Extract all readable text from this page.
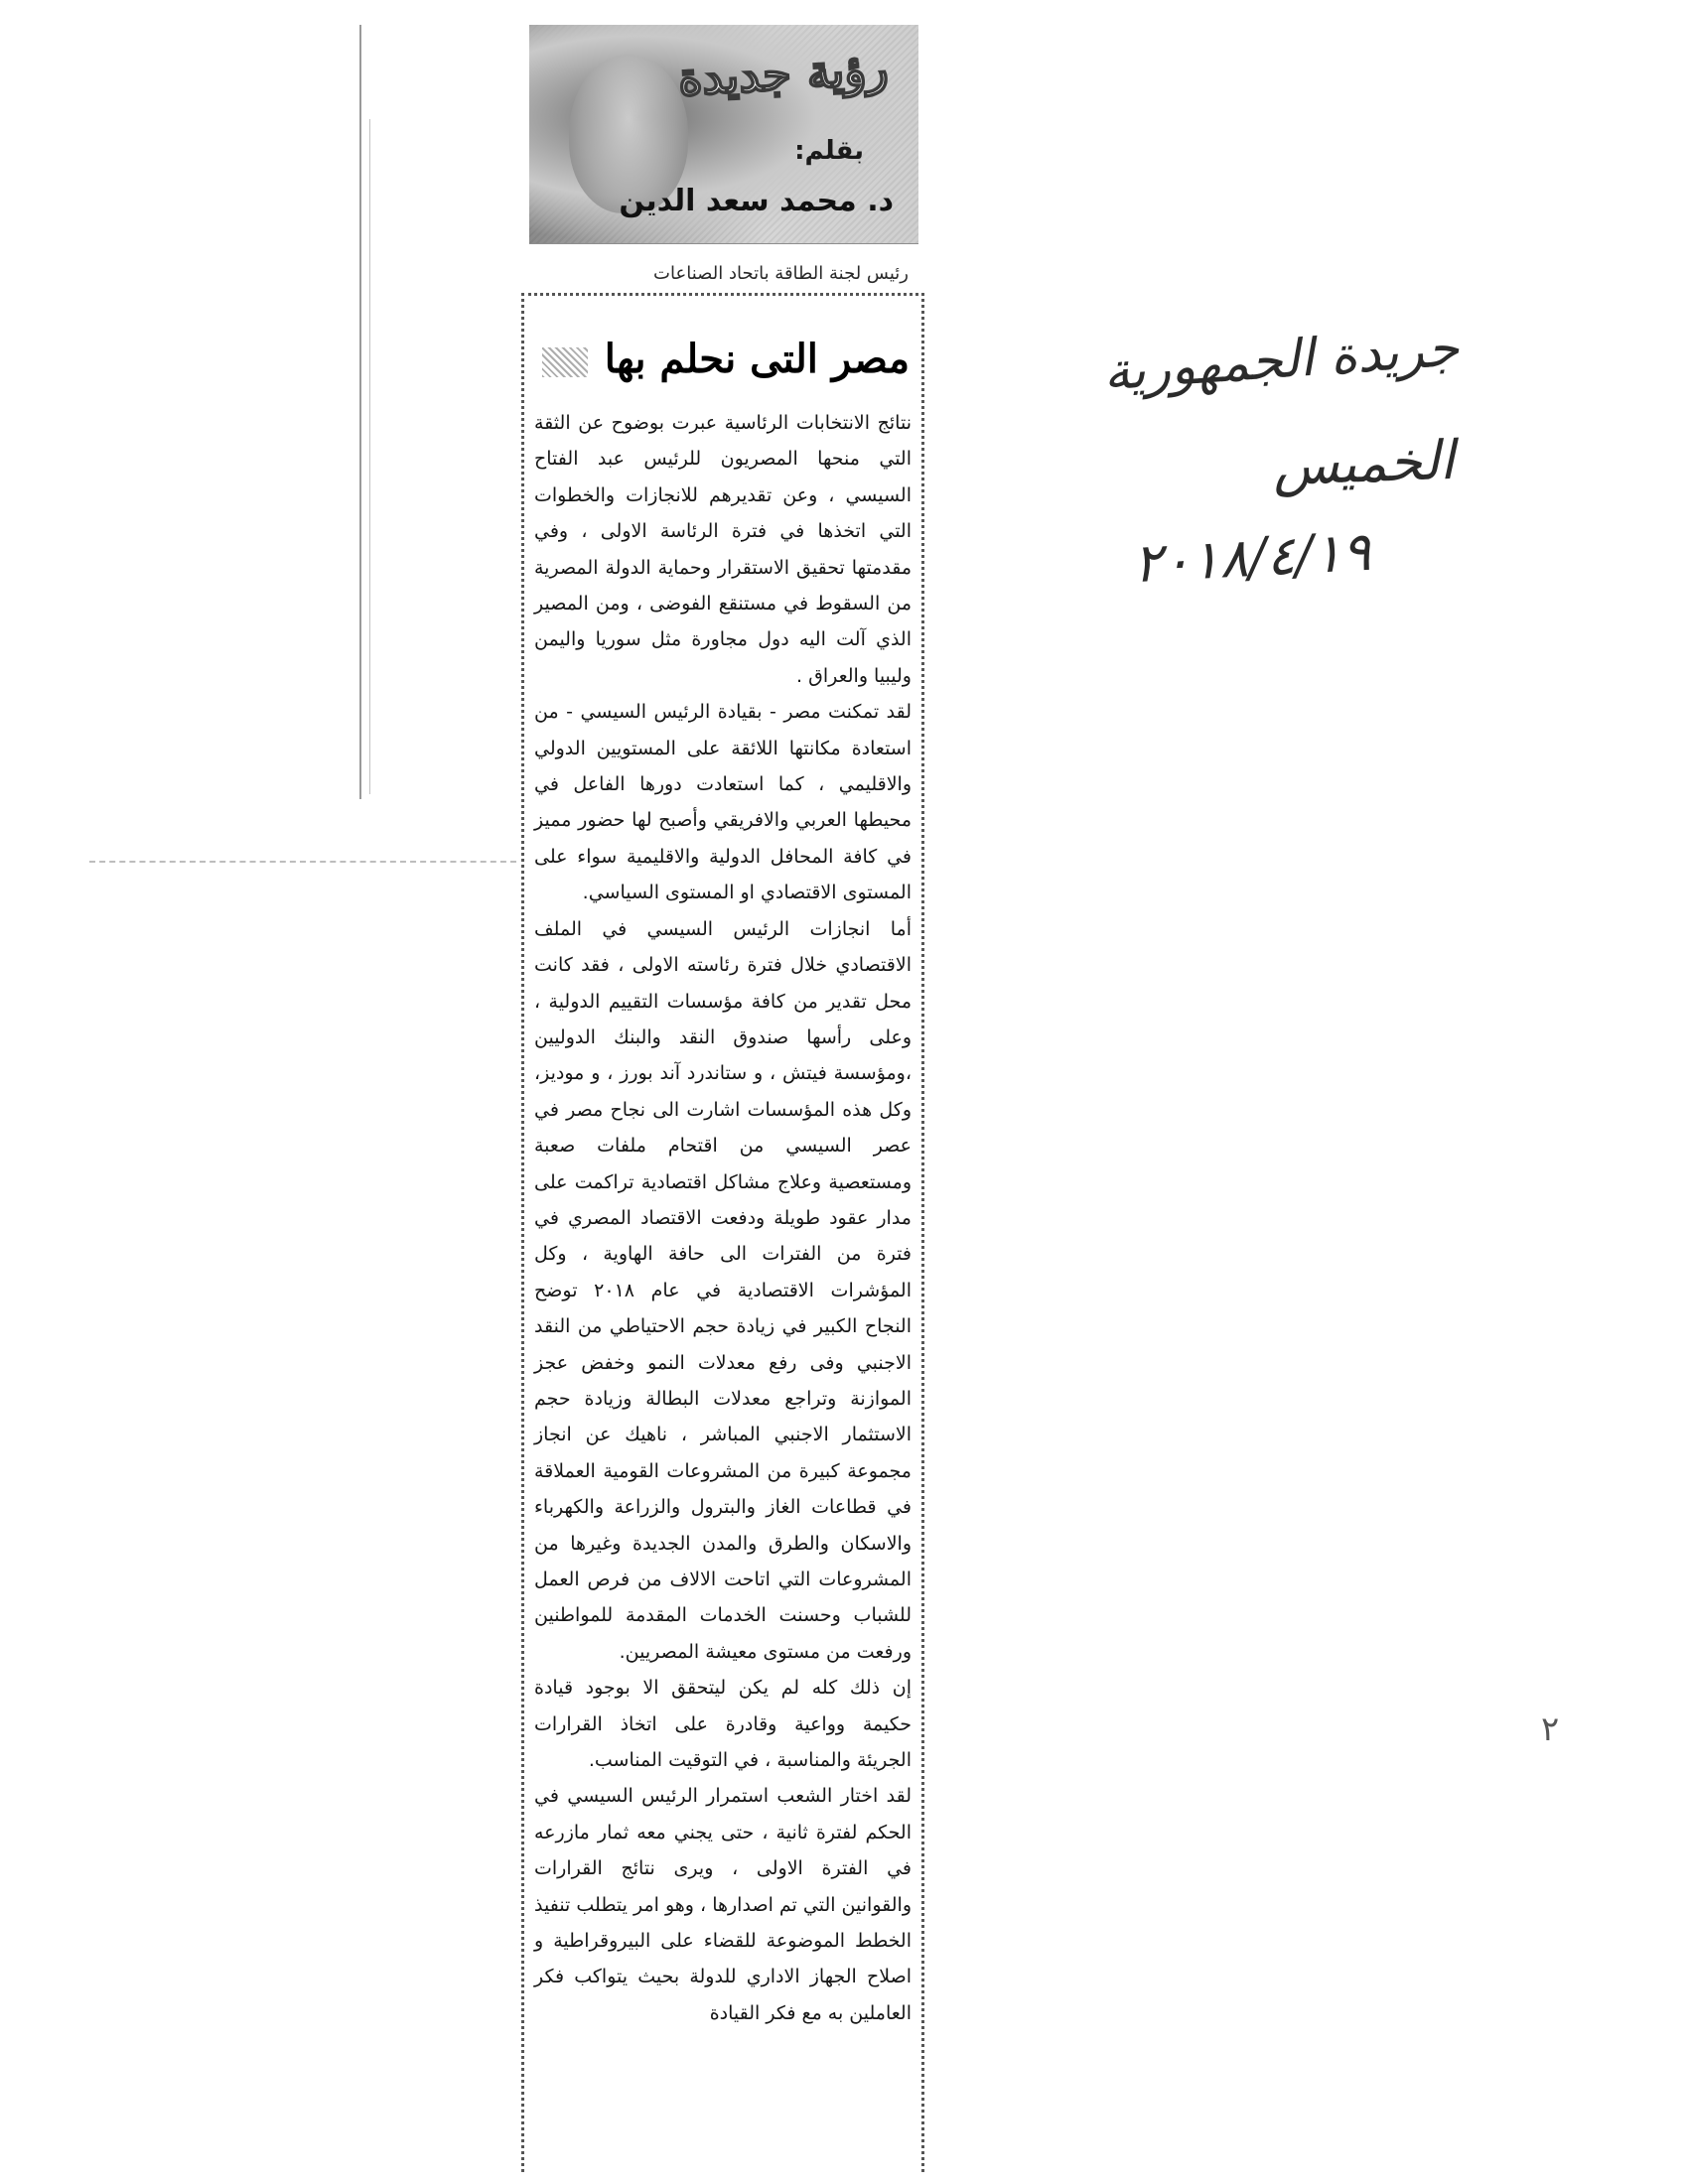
رؤية جديدة
بقلم:
د. محمد سعد الدين
رئيس لجنة الطاقة باتحاد الصناعات
مصر التى نحلم بها

نتائج الانتخابات الرئاسية عبرت بوضوح عن الثقة التي منحها المصريون للرئيس عبد الفتاح السيسي ، وعن تقديرهم للانجازات والخطوات التي اتخذها في فترة الرئاسة الاولى ، وفي مقدمتها تحقيق الاستقرار وحماية الدولة المصرية من السقوط في مستنقع الفوضى ، ومن المصير الذي آلت اليه دول مجاورة مثل سوريا واليمن وليبيا والعراق .

لقد تمكنت مصر - بقيادة الرئيس السيسي - من استعادة مكانتها اللائقة على المستويين الدولي والاقليمي ، كما استعادت دورها الفاعل في محيطها العربي والافريقي وأصبح لها حضور مميز في كافة المحافل الدولية والاقليمية سواء على المستوى الاقتصادي او المستوى السياسي.

أما انجازات الرئيس السيسي في الملف الاقتصادي خلال فترة رئاسته الاولى ، فقد كانت محل تقدير من كافة مؤسسات التقييم الدولية ، وعلى رأسها صندوق النقد والبنك الدوليين ،ومؤسسة فيتش ، و ستاندرد آند بورز ، و موديز، وكل هذه المؤسسات اشارت الى نجاح مصر في عصر السيسي من اقتحام ملفات صعبة ومستعصية وعلاج مشاكل اقتصادية تراكمت على مدار عقود طويلة ودفعت الاقتصاد المصري في فترة من الفترات الى حافة الهاوية ، وكل المؤشرات الاقتصادية في عام ٢٠١٨ توضح النجاح الكبير في زيادة حجم الاحتياطي من النقد الاجنبي وفى رفع معدلات النمو وخفض عجز الموازنة وتراجع معدلات البطالة وزيادة حجم الاستثمار الاجنبي المباشر ، ناهيك عن انجاز مجموعة كبيرة من المشروعات القومية العملاقة في قطاعات الغاز والبترول والزراعة والكهرباء والاسكان والطرق والمدن الجديدة وغيرها من المشروعات التي اتاحت الالاف من فرص العمل للشباب وحسنت الخدمات المقدمة للمواطنين ورفعت من مستوى معيشة المصريين.

إن ذلك كله لم يكن ليتحقق الا بوجود قيادة حكيمة وواعية وقادرة على اتخاذ القرارات الجريئة والمناسبة ، في التوقيت المناسب.

لقد اختار الشعب استمرار الرئيس السيسي في الحكم لفترة ثانية ، حتى يجني معه ثمار مازرعه في الفترة الاولى ، ويرى نتائج القرارات والقوانين التي تم اصدارها ، وهو امر يتطلب تنفيذ الخطط الموضوعة للقضاء على البيروقراطية و اصلاح الجهاز الاداري للدولة بحيث يتواكب فكر العاملين به مع فكر القيادة

جريدة الجمهورية
الخميس
٢٠١٨/٤/١٩
٢
